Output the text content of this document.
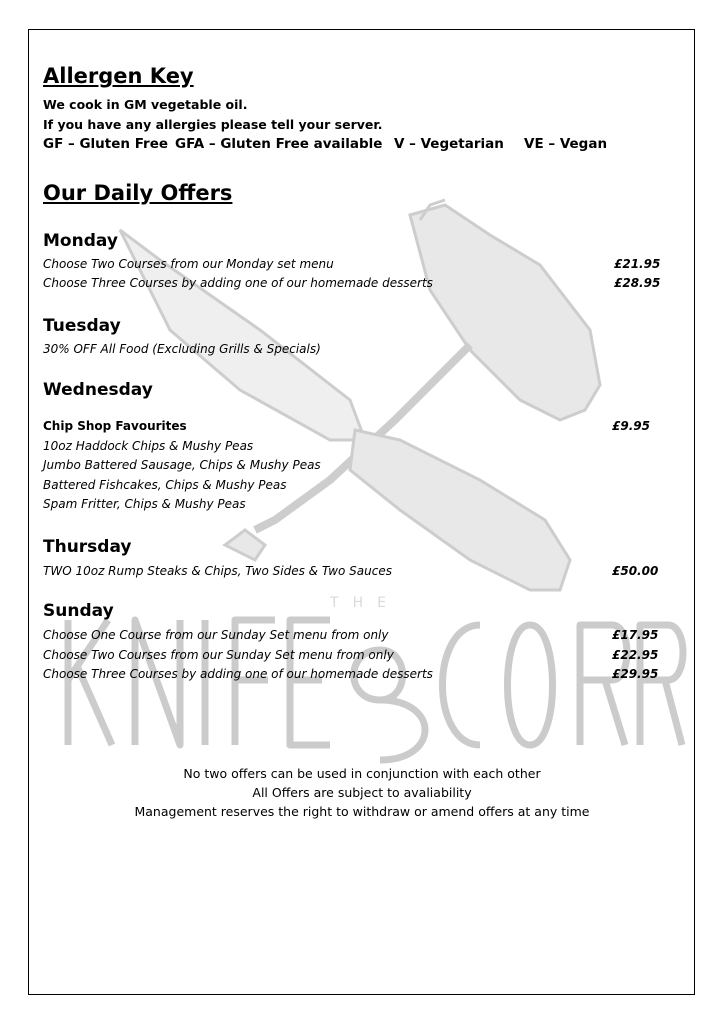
THE
Allergen Key
We cook in GM vegetable oil.
If you have any allergies please tell your server.
GF – Gluten Free GFA – Gluten Free available V – Vegetarian VE – Vegan
Our Daily Offers
Monday
Choose Two Courses from our Monday set menu	£21.95
Choose Three Courses by adding one of our homemade desserts	£28.95
Tuesday
30% OFF All Food (Excluding Grills & Specials)
Wednesday
Chip Shop Favourites	£9.95
10oz Haddock Chips & Mushy Peas
Jumbo Battered Sausage, Chips & Mushy Peas
Battered Fishcakes, Chips & Mushy Peas
Spam Fritter, Chips & Mushy Peas
Thursday
TWO 10oz Rump Steaks & Chips, Two Sides & Two Sauces	£50.00
Sunday
Choose One Course from our Sunday Set menu from only	£17.95
Choose Two Courses from our Sunday Set menu from only	£22.95
Choose Three Courses by adding one of our homemade desserts	£29.95
No two offers can be used in conjunction with each other
All Offers are subject to avaliability
Management reserves the right to withdraw or amend offers at any time
